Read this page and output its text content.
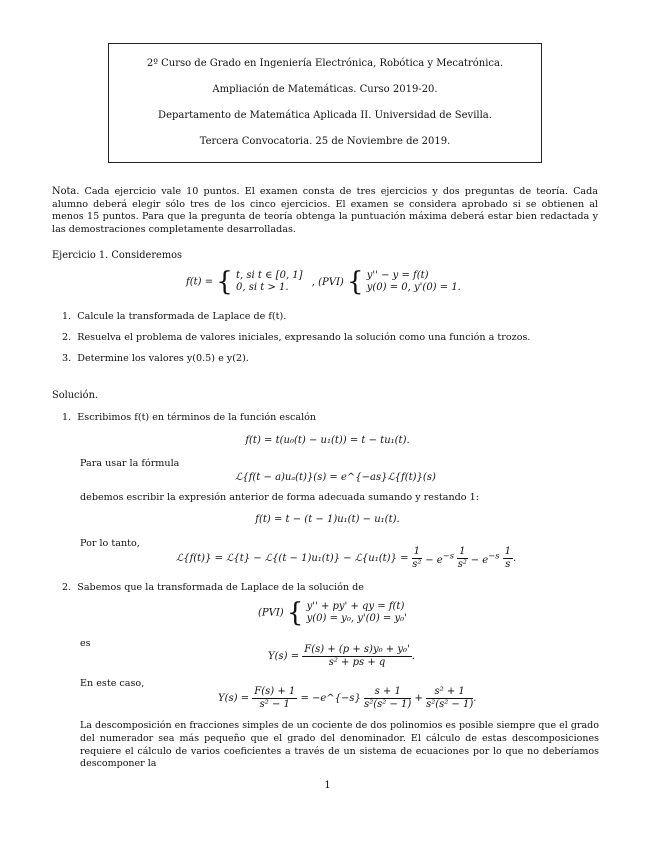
2º Curso de Grado en Ingeniería Electrónica, Robótica y Mecatrónica.
Ampliación de Matemáticas. Curso 2019-20.
Departamento de Matemática Aplicada II. Universidad de Sevilla.
Tercera Convocatoria. 25 de Noviembre de 2019.
Nota. Cada ejercicio vale 10 puntos. El examen consta de tres ejercicios y dos preguntas de teoría. Cada alumno deberá elegir sólo tres de los cinco ejercicios. El examen se considera aprobado si se obtienen al menos 15 puntos. Para que la pregunta de teoría obtenga la puntuación máxima deberá estar bien redactada y las demostraciones completamente desarrolladas.
Ejercicio 1. Consideremos
f(t) = { t, si t ∈ [0, 1]
0, si t > 1.	, (PVI) { y'' − y = f(t)
y(0) = 0, y'(0) = 1.
1. Calcule la transformada de Laplace de f(t).
2. Resuelva el problema de valores iniciales, expresando la solución como una función a trozos.
3. Determine los valores y(0.5) e y(2).
Solución.
1. Escribimos f(t) en términos de la función escalón
f(t) = t(u₀(t) − u₁(t)) = t − tu₁(t).
Para usar la fórmula
ℒ{f(t − a)uₐ(t)}(s) = e^{−as}ℒ{f(t)}(s)
debemos escribir la expresión anterior de forma adecuada sumando y restando 1:
f(t) = t − (t − 1)u₁(t) − u₁(t).
Por lo tanto,
ℒ{f(t)} = ℒ{t} − ℒ{(t − 1)u₁(t)} − ℒ{u₁(t)} = $\frac{1}{\text{s²}} - e^{-s} \frac{1}{\text{s²}} - e^{-s} \frac{1}{s}$ .
2. Sabemos que la transformada de Laplace de la solución de
(PVI) { y'' + py' + qy = f(t)
y(0) = y₀, y'(0) = y₀'
es
$Y(s) = \frac{\text{F(s) + (p + s)y₀ + y₀'}}{\text{s² + ps + q}}$ .
En este caso,
$Y(s) = \frac{F(s) + 1}{\text{s² − 1}}$ = −e^{−s} $\frac{s + 1}{\text{s²(s² − 1)}} + \frac{\text{s² + 1}}{\text{s²(s² − 1)}}$ .
La descomposición en fracciones simples de un cociente de dos polinomios es posible siempre que el grado del numerador sea más pequeño que el grado del denominador. El cálculo de estas descomposiciones requiere el cálculo de varios coeficientes a través de un sistema de ecuaciones por lo que no deberíamos descomponer la
1
